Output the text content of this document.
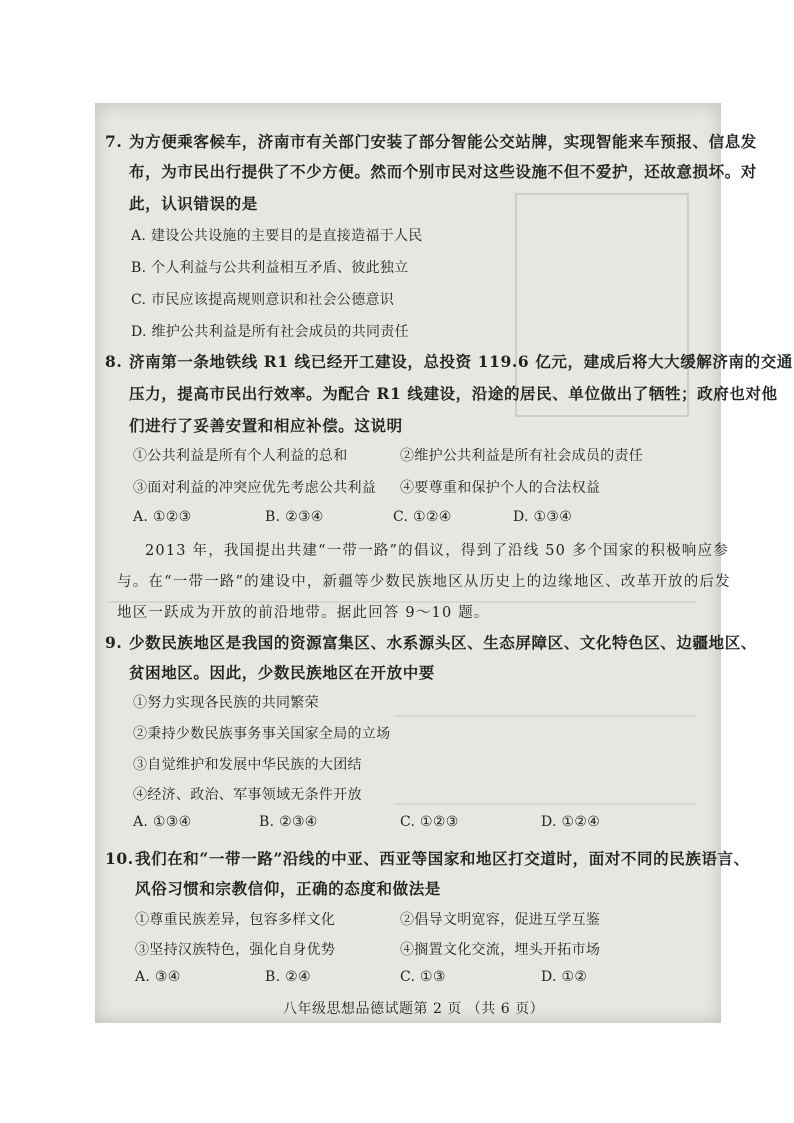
7. 为方便乘客候车，济南市有关部门安装了部分智能公交站牌，实现智能来车预报、信息发
布，为市民出行提供了不少方便。然而个别市民对这些设施不但不爱护，还故意损坏。对
此，认识错误的是
A. 建设公共设施的主要目的是直接造福于人民
B. 个人利益与公共利益相互矛盾、彼此独立
C. 市民应该提高规则意识和社会公德意识
D. 维护公共利益是所有社会成员的共同责任
8. 济南第一条地铁线 R1 线已经开工建设，总投资 119.6 亿元，建成后将大大缓解济南的交通
压力，提高市民出行效率。为配合 R1 线建设，沿途的居民、单位做出了牺牲；政府也对他
们进行了妥善安置和相应补偿。这说明
①公共利益是所有个人利益的总和	②维护公共利益是所有社会成员的责任
③面对利益的冲突应优先考虑公共利益 ④要尊重和保护个人的合法权益
A. ①②③	B. ②③④	C. ①②④	D. ①③④
2013 年，我国提出共建“一带一路”的倡议，得到了沿线 50 多个国家的积极响应参
与。在“一带一路”的建设中，新疆等少数民族地区从历史上的边缘地区、改革开放的后发
地区一跃成为开放的前沿地带。据此回答 9～10 题。
9. 少数民族地区是我国的资源富集区、水系源头区、生态屏障区、文化特色区、边疆地区、
贫困地区。因此，少数民族地区在开放中要
①努力实现各民族的共同繁荣
②秉持少数民族事务事关国家全局的立场
③自觉维护和发展中华民族的大团结
④经济、政治、军事领域无条件开放
A. ①③④	B. ②③④	C. ①②③	D. ①②④
10.我们在和“一带一路”沿线的中亚、西亚等国家和地区打交道时，面对不同的民族语言、
风俗习惯和宗教信仰，正确的态度和做法是
①尊重民族差异，包容多样文化	②倡导文明宽容，促进互学互鉴
③坚持汉族特色，强化自身优势	④搁置文化交流，埋头开拓市场
A. ③④	B. ②④	C. ①③	D. ①②
八年级思想品德试题第 2 页 （共 6 页）
